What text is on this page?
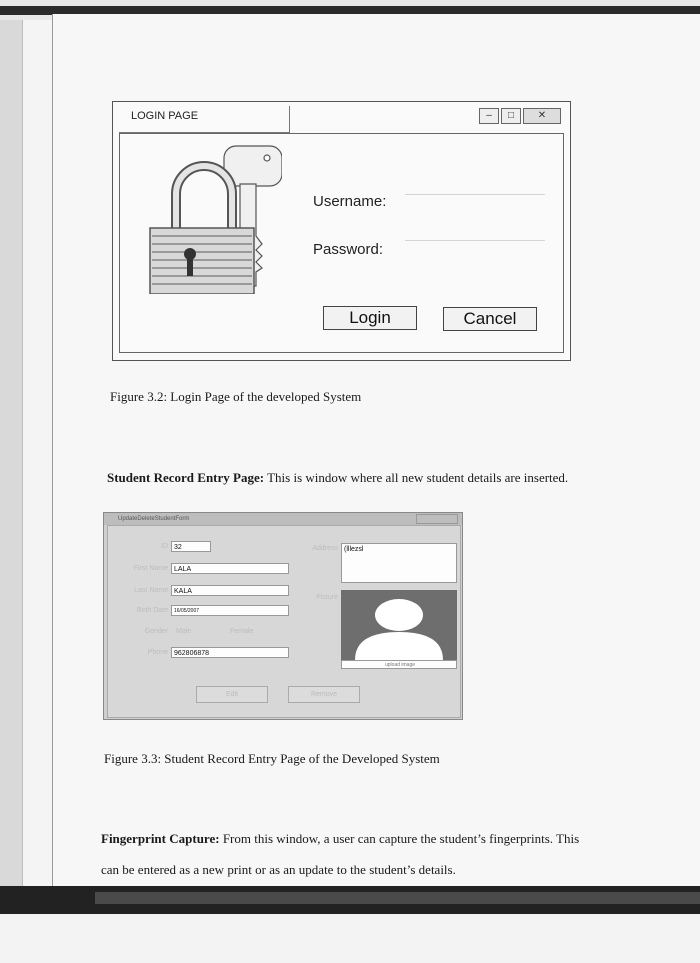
LOGIN PAGE	–	□	✕
Username:
Password:
Login	Cancel
Figure 3.2: Login Page of the developed System
Student Record Entry Page: This is window where all new student details are inserted.
UpdateDeleteStudentForm
ID 32
First Name LALA
Last Name KALA
Birth Date	16/05/2007
Gender Male	Female
Phone 962806878
Address (lllezsl
Picture
upload image
Edit	Remove
Figure 3.3: Student Record Entry Page of the Developed System
Fingerprint Capture: From this window, a user can capture the student’s fingerprints. This
can be entered as a new print or as an update to the student’s details.
